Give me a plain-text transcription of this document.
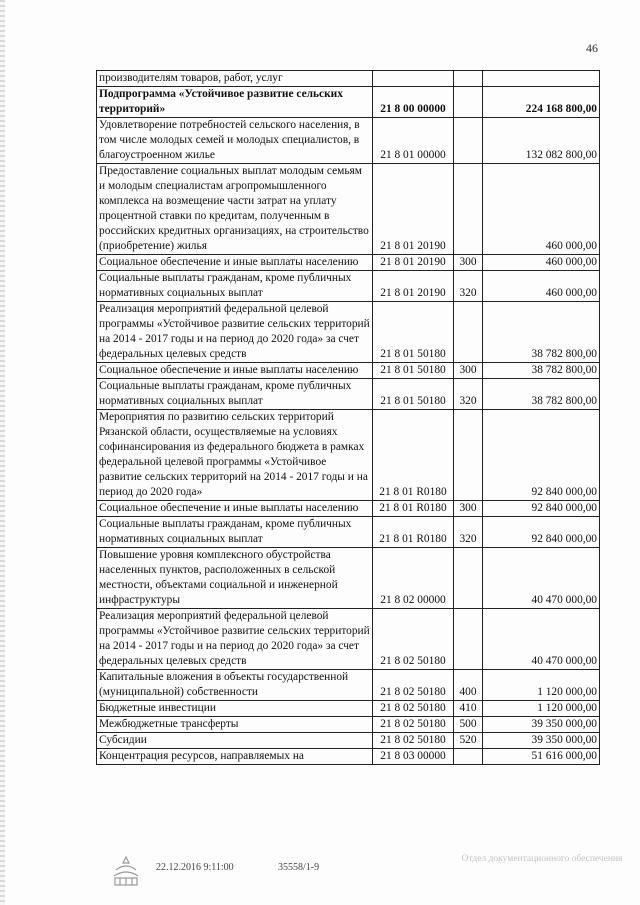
46
производителям товаров, работ, услуг			
Подпрограмма «Устойчивое развитие сельских территорий»	21 8 00 00000		224 168 800,00
Удовлетворение потребностей сельского населения, в том числе молодых семей и молодых специалистов, в благоустроенном жилье	21 8 01 00000		132 082 800,00
Предоставление социальных выплат молодым семьям и молодым специалистам агропромышленного комплекса на возмещение части затрат на уплату процентной ставки по кредитам, полученным в российских кредитных организациях, на строительство (приобретение) жилья	21 8 01 20190		460 000,00
Социальное обеспечение и иные выплаты населению	21 8 01 20190	300	460 000,00
Социальные выплаты гражданам, кроме публичных нормативных социальных выплат	21 8 01 20190	320	460 000,00
Реализация мероприятий федеральной целевой программы «Устойчивое развитие сельских территорий на 2014 - 2017 годы и на период до 2020 года» за счет федеральных целевых средств	21 8 01 50180		38 782 800,00
Социальное обеспечение и иные выплаты населению	21 8 01 50180	300	38 782 800,00
Социальные выплаты гражданам, кроме публичных нормативных социальных выплат	21 8 01 50180	320	38 782 800,00
Мероприятия по развитию сельских территорий Рязанской области, осуществляемые на условиях софинансирования из федерального бюджета в рамках федеральной целевой программы «Устойчивое развитие сельских территорий на 2014 - 2017 годы и на период до 2020 года»	21 8 01 R0180		92 840 000,00
Социальное обеспечение и иные выплаты населению	21 8 01 R0180	300	92 840 000,00
Социальные выплаты гражданам, кроме публичных нормативных социальных выплат	21 8 01 R0180	320	92 840 000,00
Повышение уровня комплексного обустройства населенных пунктов, расположенных в сельской местности, объектами социальной и инженерной инфраструктуры	21 8 02 00000		40 470 000,00
Реализация мероприятий федеральной целевой программы «Устойчивое развитие сельских территорий на 2014 - 2017 годы и на период до 2020 года» за счет федеральных целевых средств	21 8 02 50180		40 470 000,00
Капитальные вложения в объекты государственной (муниципальной) собственности	21 8 02 50180	400	1 120 000,00
Бюджетные инвестиции	21 8 02 50180	410	1 120 000,00
Межбюджетные трансферты	21 8 02 50180	500	39 350 000,00
Субсидии	21 8 02 50180	520	39 350 000,00
Концентрация ресурсов, направляемых на	21 8 03 00000		51 616 000,00
22.12.2016 9:11:00	35558/1-9
Отдел документационного обеспечения
